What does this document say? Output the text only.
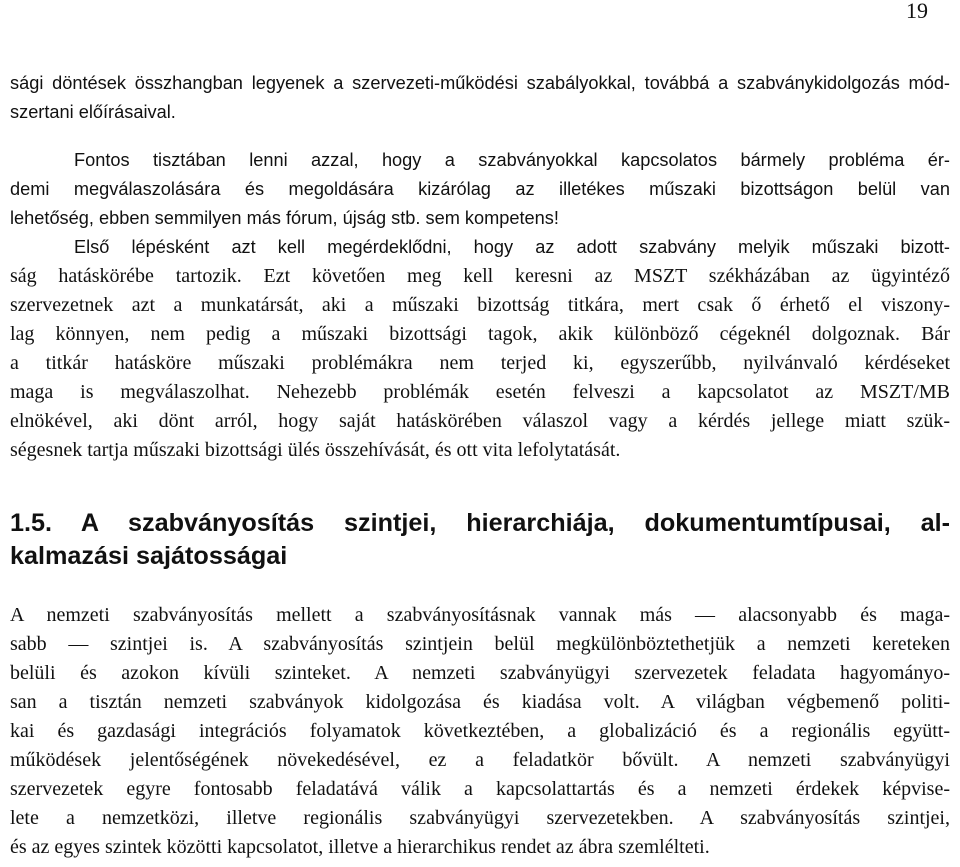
19
sági döntések összhangban legyenek a szervezeti-működési szabályokkal, továbbá a szabványkidolgozás mód-
szertani előírásaival.
Fontos tisztában lenni azzal, hogy a szabványokkal kapcsolatos bármely probléma ér-
demi megválaszolására és megoldására kizárólag az illetékes műszaki bizottságon belül van
lehetőség, ebben semmilyen más fórum, újság stb. sem kompetens!
Első lépésként azt kell megérdeklődni, hogy az adott szabvány melyik műszaki bizott-
ság hatáskörébe tartozik. Ezt követően meg kell keresni az MSZT székházában az ügyintéző
szervezetnek azt a munkatársát, aki a műszaki bizottság titkára, mert csak ő érhető el viszony-
lag könnyen, nem pedig a műszaki bizottsági tagok, akik különböző cégeknél dolgoznak. Bár
a titkár hatásköre műszaki problémákra nem terjed ki, egyszerűbb, nyilvánvaló kérdéseket
maga is megválaszolhat. Nehezebb problémák esetén felveszi a kapcsolatot az MSZT/MB
elnökével, aki dönt arról, hogy saját hatáskörében válaszol vagy a kérdés jellege miatt szük-
ségesnek tartja műszaki bizottsági ülés összehívását, és ott vita lefolytatását.
1.5. A szabványosítás szintjei, hierarchiája, dokumentumtípusai, al-
kalmazási sajátosságai
A nemzeti szabványosítás mellett a szabványosításnak vannak más — alacsonyabb és maga-
sabb — szintjei is. A szabványosítás szintjein belül megkülönböztethetjük a nemzeti kereteken
belüli és azokon kívüli szinteket. A nemzeti szabványügyi szervezetek feladata hagyományo-
san a tisztán nemzeti szabványok kidolgozása és kiadása volt. A világban végbemenő politi-
kai és gazdasági integrációs folyamatok következtében, a globalizáció és a regionális együtt-
működések jelentőségének növekedésével, ez a feladatkör bővült. A nemzeti szabványügyi
szervezetek egyre fontosabb feladatává válik a kapcsolattartás és a nemzeti érdekek képvise-
lete a nemzetközi, illetve regionális szabványügyi szervezetekben. A szabványosítás szintjei,
és az egyes szintek közötti kapcsolatot, illetve a hierarchikus rendet az ábra szemlélteti.
